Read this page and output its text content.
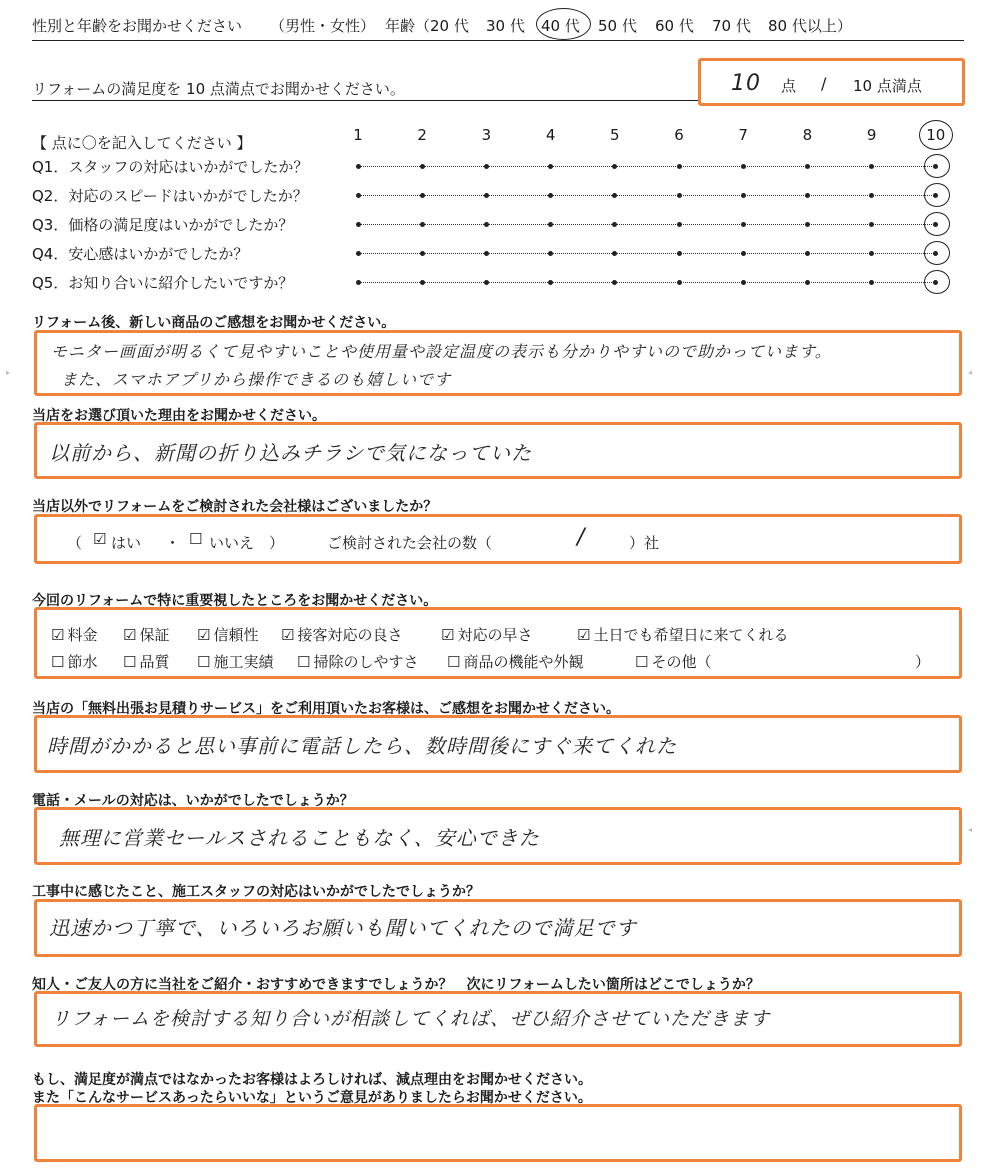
性別と年齢をお聞かせください （男性・女性） 年齢（20 代 30 代 40 代 50 代 60 代 70 代 80 代以上）
リフォームの満足度を 10 点満点でお聞かせください。	10 点 / 10 点満点
【 点に〇を記入してください 】	1	2	3	4	5	6	7	8	9	10
Q1．スタッフの対応はいかがでしたか？
Q2．対応のスピードはいかがでしたか？
Q3．価格の満足度はいかがでしたか？
Q4．安心感はいかがでしたか？
Q5．お知り合いに紹介したいですか？
リフォーム後、新しい商品のご感想をお聞かせください。
モニター画面が明るくて見やすいことや使用量や設定温度の表示も分かりやすいので助かっています。
また、スマホアプリから操作できるのも嬉しいです
当店をお選び頂いた理由をお聞かせください。
以前から、新聞の折り込みチラシで気になっていた
当店以外でリフォームをご検討された会社様はございましたか？
（ ☑ はい ・ ☐ いいえ ）	ご検討された会社の数（	/	）社
今回のリフォームで特に重要視したところをお聞かせください。
☑ 料金 ☑ 保証 ☑ 信頼性 ☑ 接客対応の良さ	☑ 対応の早さ	☑ 土日でも希望日に来てくれる
☐ 節水 ☐ 品質 ☐ 施工実績 ☐ 掃除のしやすさ ☐ 商品の機能や外観	☐ その他（	）
当店の「無料出張お見積りサービス」をご利用頂いたお客様は、ご感想をお聞かせください。
時間がかかると思い事前に電話したら、数時間後にすぐ来てくれた
電話・メールの対応は、いかがでしたでしょうか？
無理に営業セールスされることもなく、安心できた
工事中に感じたこと、施工スタッフの対応はいかがでしたでしょうか？
迅速かつ丁寧で、いろいろお願いも聞いてくれたので満足です
知人・ご友人の方に当社をご紹介・おすすめできますでしょうか？　次にリフォームしたい箇所はどこでしょうか？
リフォームを検討する知り合いが相談してくれば、ぜひ紹介させていただきます
もし、満足度が満点ではなかったお客様はよろしければ、減点理由をお聞かせください。
また「こんなサービスあったらいいな」というご意見がありましたらお聞かせください。
▸	◂
◂
